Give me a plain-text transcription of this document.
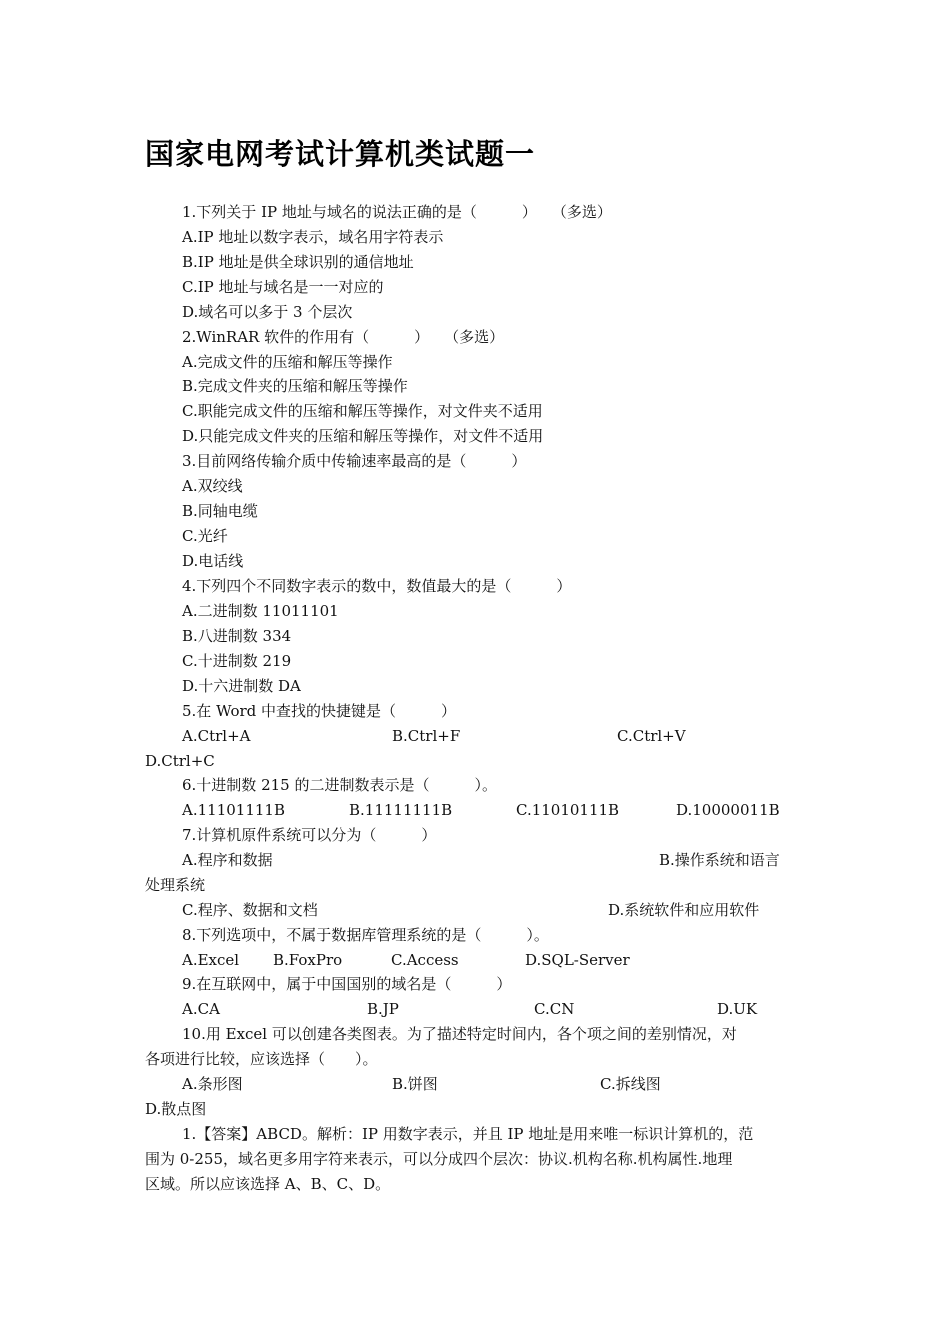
国家电网考试计算机类试题一
1.下列关于 IP 地址与域名的说法正确的是（　　　）　　（多选）
A.IP 地址以数字表示，域名用字符表示
B.IP 地址是供全球识别的通信地址
C.IP 地址与域名是一一对应的
D.域名可以多于 3 个层次
2.WinRAR 软件的作用有（　　　）　　（多选）
A.完成文件的压缩和解压等操作
B.完成文件夹的压缩和解压等操作
C.职能完成文件的压缩和解压等操作，对文件夹不适用
D.只能完成文件夹的压缩和解压等操作，对文件不适用
3.目前网络传输介质中传输速率最高的是（　　　）
A.双绞线
B.同轴电缆
C.光纤
D.电话线
4.下列四个不同数字表示的数中，数值最大的是（　　　）
A.二进制数 11011101
B.八进制数 334
C.十进制数 219
D.十六进制数 DA
5.在 Word 中查找的快捷键是（　　　）
A.Ctrl+A	B.Ctrl+F	C.Ctrl+V
D.Ctrl+C
6.十进制数 215 的二进制数表示是（　　　）。
A.11101111B	B.11111111B	C.11010111B	D.10000011B
7.计算机原件系统可以分为（　　　）
A.程序和数据	B.操作系统和语言
处理系统
C.程序、数据和文档	D.系统软件和应用软件
8.下列选项中，不属于数据库管理系统的是（　　　）。
A.Excel B.FoxPro	C.Access	D.SQL-Server
9.在互联网中，属于中国国别的域名是（　　　）
A.CA	B.JP	C.CN	D.UK
10.用 Excel 可以创建各类图表。为了描述特定时间内，各个项之间的差别情况，对
各项进行比较，应该选择（　　）。
A.条形图	B.饼图	C.拆线图
D.散点图
1.【答案】ABCD。解析：IP 用数字表示，并且 IP 地址是用来唯一标识计算机的，范
围为 0-255，域名更多用字符来表示，可以分成四个层次：协议.机构名称.机构属性.地理
区域。所以应该选择 A、B、C、D。
